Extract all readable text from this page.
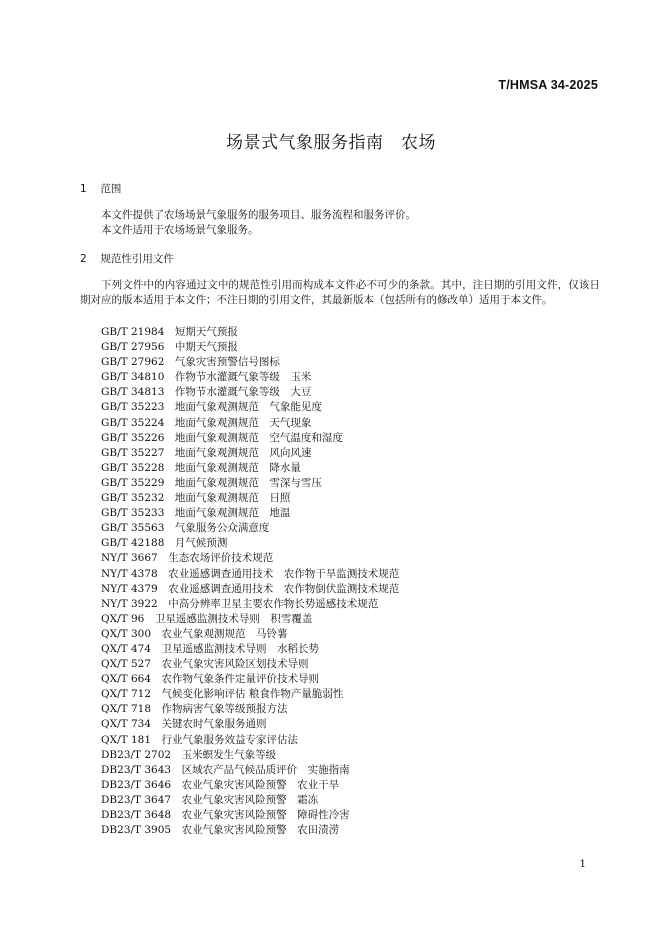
T/HMSA 34-2025
场景式气象服务指南　农场
1 范围

本文件提供了农场场景气象服务的服务项目、服务流程和服务评价。

本文件适用于农场场景气象服务。

2 规范性引用文件

下列文件中的内容通过文中的规范性引用而构成本文件必不可少的条款。其中，注日期的引用文件，仅该日期对应的版本适用于本文件；不注日期的引用文件，其最新版本（包括所有的修改单）适用于本文件。

GB/T 21984　短期天气预报
GB/T 27956　中期天气预报
GB/T 27962　气象灾害预警信号图标
GB/T 34810　作物节水灌溉气象等级　玉米
GB/T 34813　作物节水灌溉气象等级　大豆
GB/T 35223　地面气象观测规范　气象能见度
GB/T 35224　地面气象观测规范　天气现象
GB/T 35226　地面气象观测规范　空气温度和湿度
GB/T 35227　地面气象观测规范　风向风速
GB/T 35228　地面气象观测规范　降水量
GB/T 35229　地面气象观测规范　雪深与雪压
GB/T 35232　地面气象观测规范　日照
GB/T 35233　地面气象观测规范　地温
GB/T 35563　气象服务公众满意度
GB/T 42188　月气候预测
NY/T 3667　生态农场评价技术规范
NY/T 4378　农业遥感调查通用技术　农作物干旱监测技术规范
NY/T 4379　农业遥感调查通用技术　农作物倒伏监测技术规范
NY/T 3922　中高分辨率卫星主要农作物长势遥感技术规范
QX/T 96　卫星遥感监测技术导则　积雪覆盖
QX/T 300　农业气象观测规范　马铃薯
QX/T 474　卫星遥感监测技术导则　水稻长势
QX/T 527　农业气象灾害风险区划技术导则
QX/T 664　农作物气象条件定量评价技术导则
QX/T 712　气候变化影响评估 粮食作物产量脆弱性
QX/T 718　作物病害气象等级预报方法
QX/T 734　关键农时气象服务通则
QX/T 181　行业气象服务效益专家评估法
DB23/T 2702　玉米螟发生气象等级
DB23/T 3643　区域农产品气候品质评价　实施指南
DB23/T 3646　农业气象灾害风险预警　农业干旱
DB23/T 3647　农业气象灾害风险预警　霜冻
DB23/T 3648　农业气象灾害风险预警　障碍性冷害
DB23/T 3905　农业气象灾害风险预警　农田渍涝
1
